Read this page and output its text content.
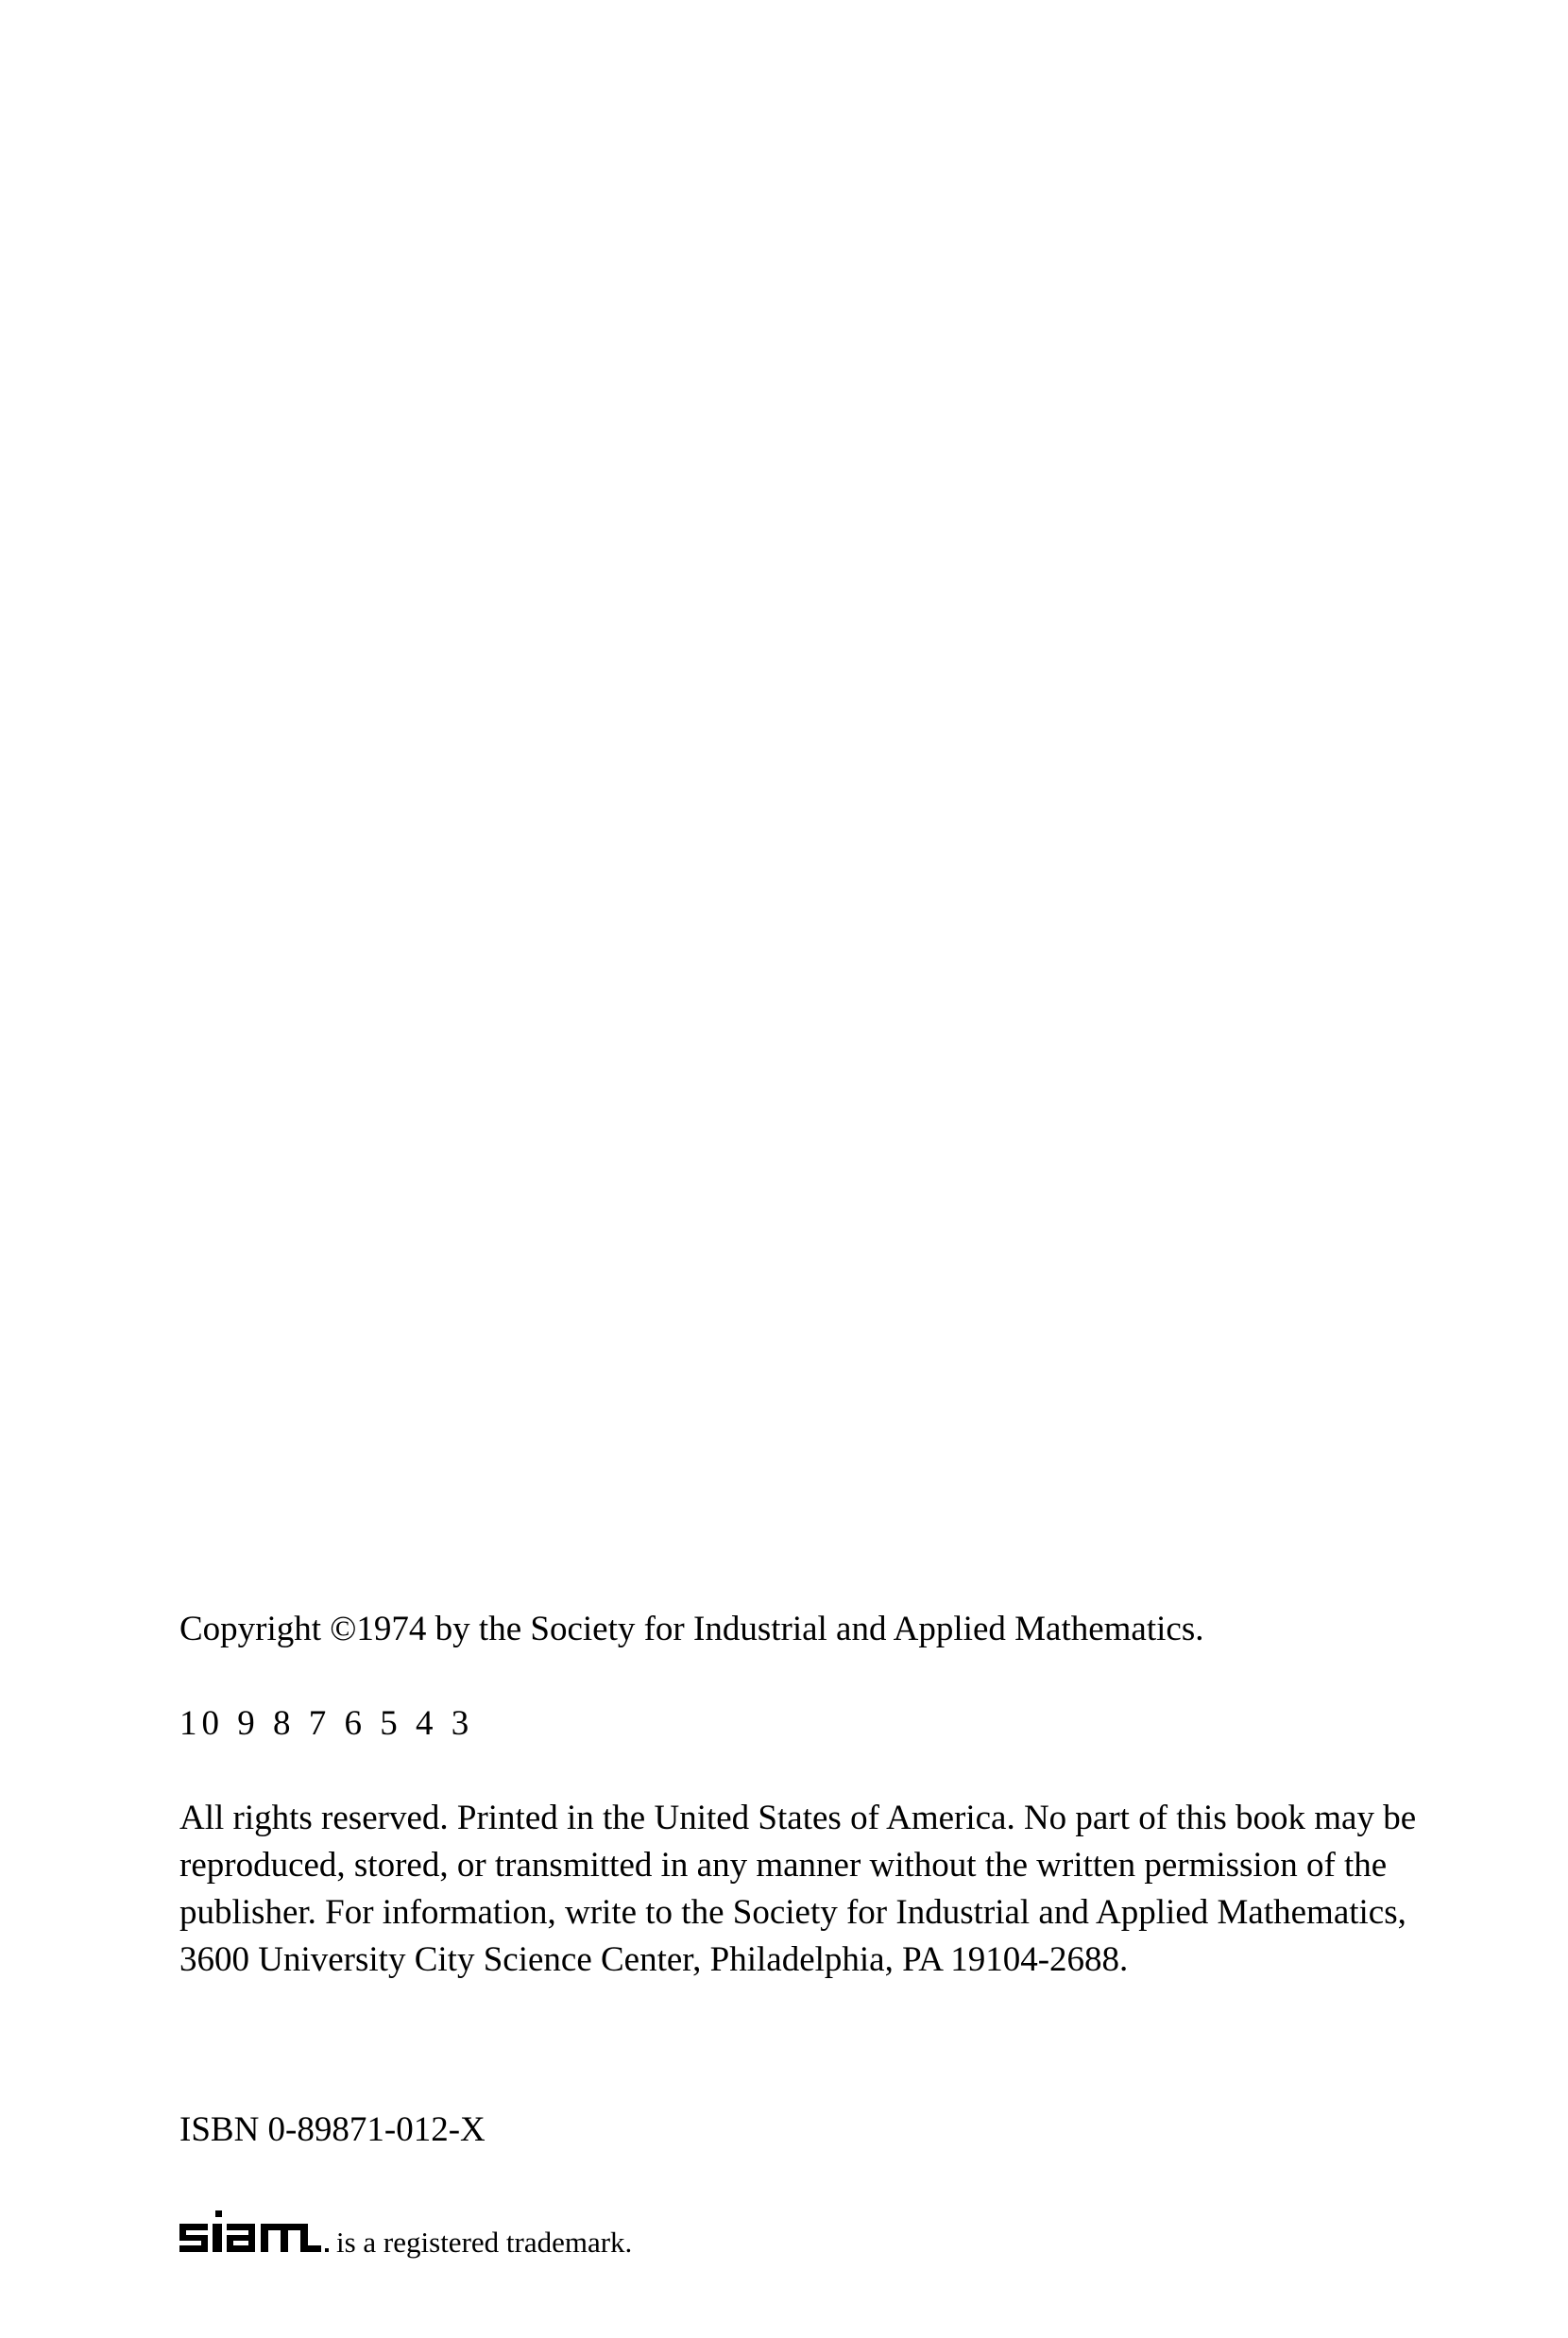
Copyright ©1974 by the Society for Industrial and Applied Mathematics.

10 9 8 7 6 5 4 3

All rights reserved. Printed in the United States of America. No part of this book may be

reproduced, stored, or transmitted in any manner without the written permission of the

publisher. For information, write to the Society for Industrial and Applied Mathematics,

3600 University City Science Center, Philadelphia, PA 19104-2688.

ISBN 0-89871-012-X

is a registered trademark.
